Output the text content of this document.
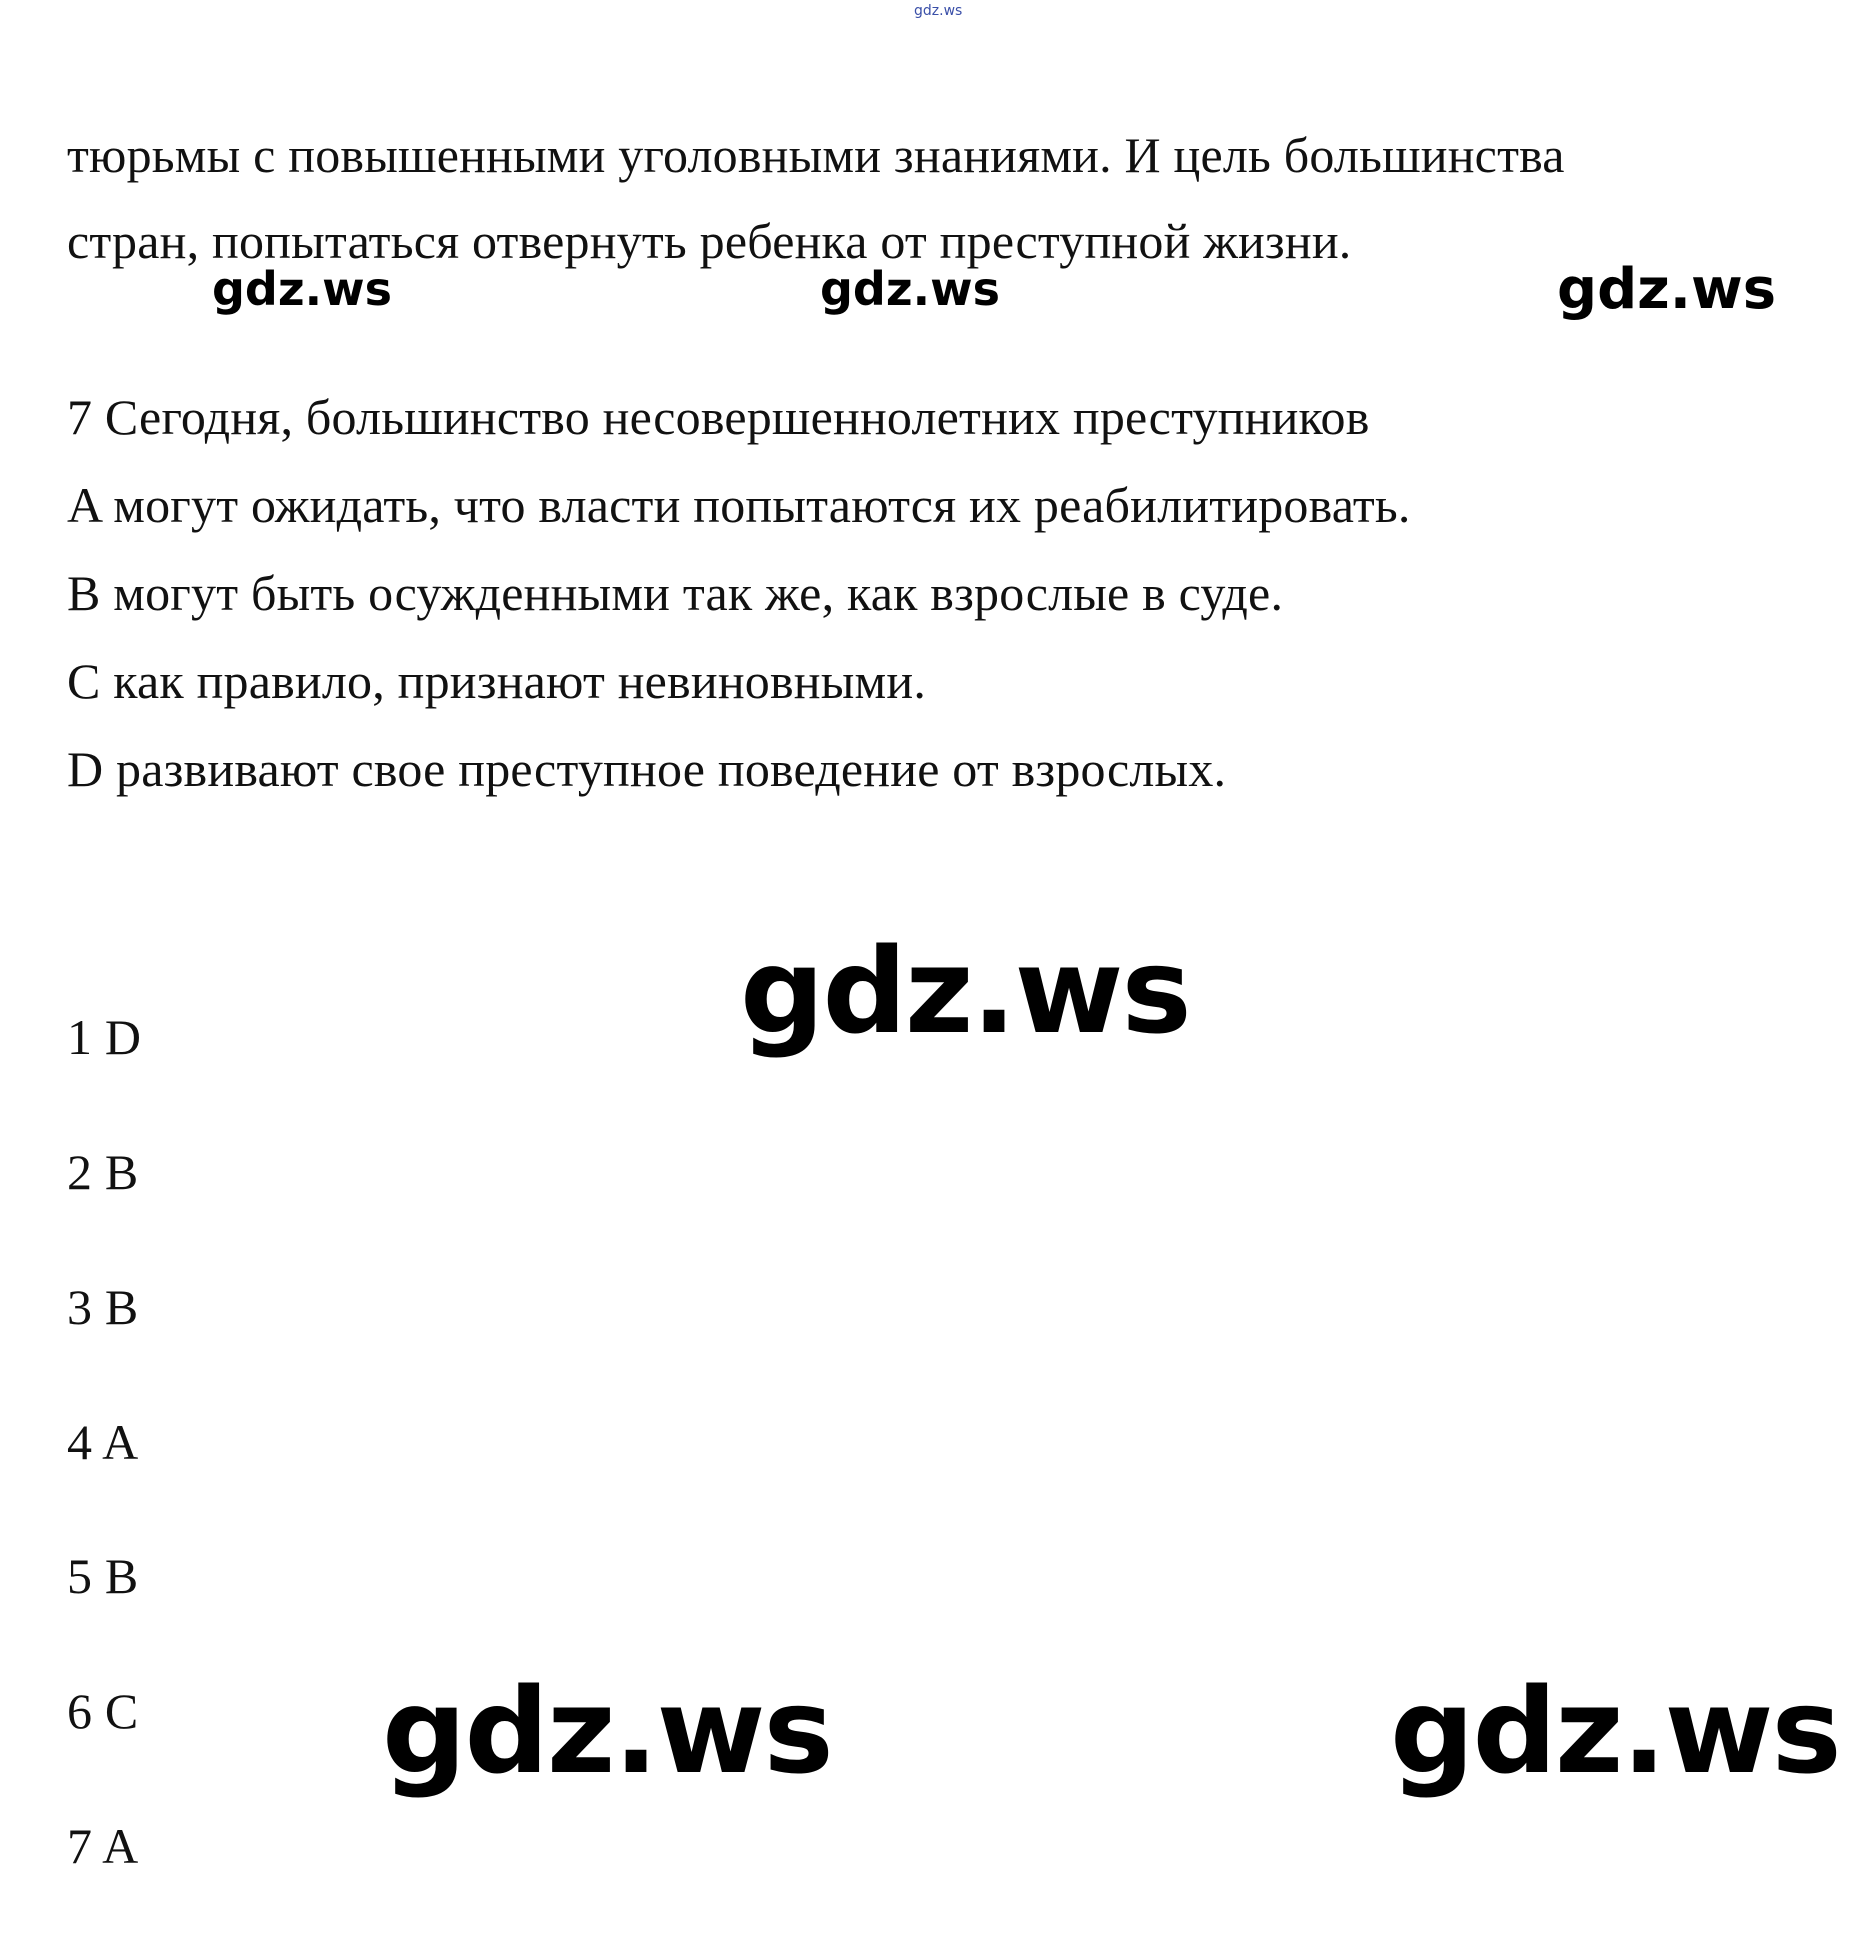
gdz.ws
тюрьмы с повышенными уголовными знаниями. И цель большинства
стран, попытаться отвернуть ребенка от преступной жизни.
gdz.ws	gdz.ws	gdz.ws
7 Сегодня, большинство несовершеннолетних преступников
A могут ожидать, что власти попытаются их реабилитировать.
B могут быть осужденными так же, как взрослые в суде.
C как правило, признают невиновными.
D развивают свое преступное поведение от взрослых.
gdz.ws
1 D
2 B
3 B
4 A
5 B
6 C
7 A
gdz.ws	gdz.ws
